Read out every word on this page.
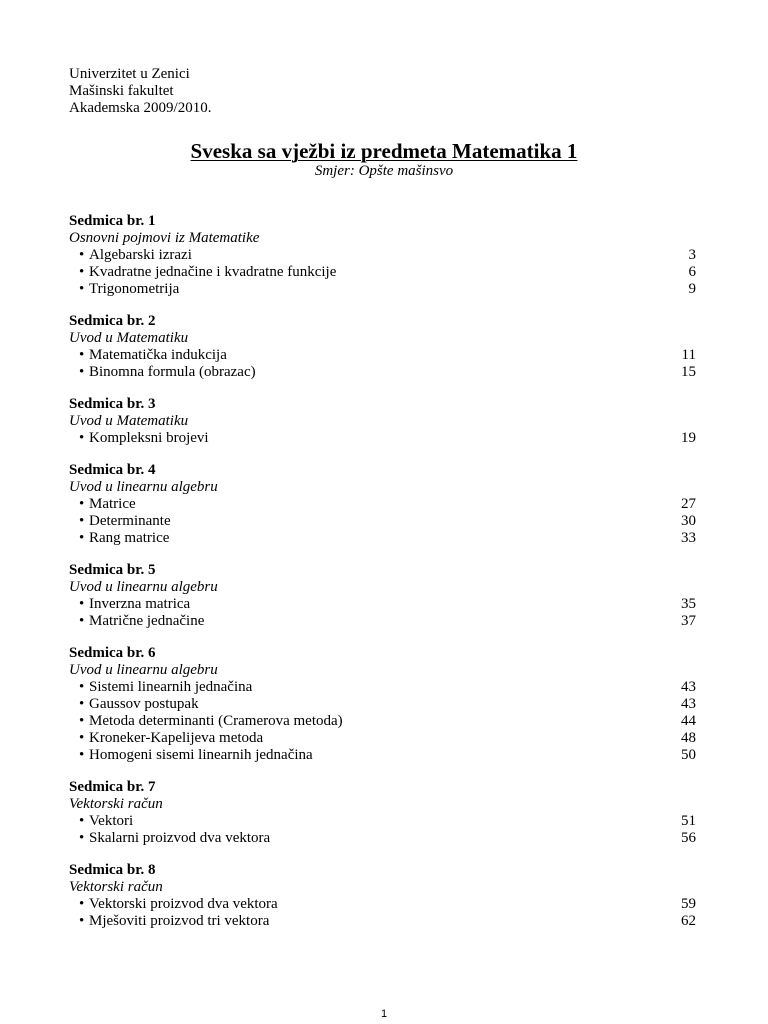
Univerzitet u Zenici
Mašinski fakultet
Akademska 2009/2010.
Sveska sa vježbi iz predmeta Matematika 1
Smjer: Opšte mašinsvo
Sedmica br. 1
Osnovni pojmovi iz Matematike
• Algebarski izrazi	3
• Kvadratne jednačine i kvadratne funkcije	6
• Trigonometrija	9
Sedmica br. 2
Uvod u Matematiku
• Matematička indukcija	11
• Binomna formula (obrazac)	15
Sedmica br. 3
Uvod u Matematiku
• Kompleksni brojevi	19
Sedmica br. 4
Uvod u linearnu algebru
• Matrice	27
• Determinante	30
• Rang matrice	33
Sedmica br. 5
Uvod u linearnu algebru
• Inverzna matrica	35
• Matrične jednačine	37
Sedmica br. 6
Uvod u linearnu algebru
• Sistemi linearnih jednačina	43
• Gaussov postupak	43
• Metoda determinanti (Cramerova metoda)	44
• Kroneker-Kapelijeva metoda	48
• Homogeni sisemi linearnih jednačina	50
Sedmica br. 7
Vektorski račun
• Vektori	51
• Skalarni proizvod dva vektora	56
Sedmica br. 8
Vektorski račun
• Vektorski proizvod dva vektora	59
• Mješoviti proizvod tri vektora	62
1
